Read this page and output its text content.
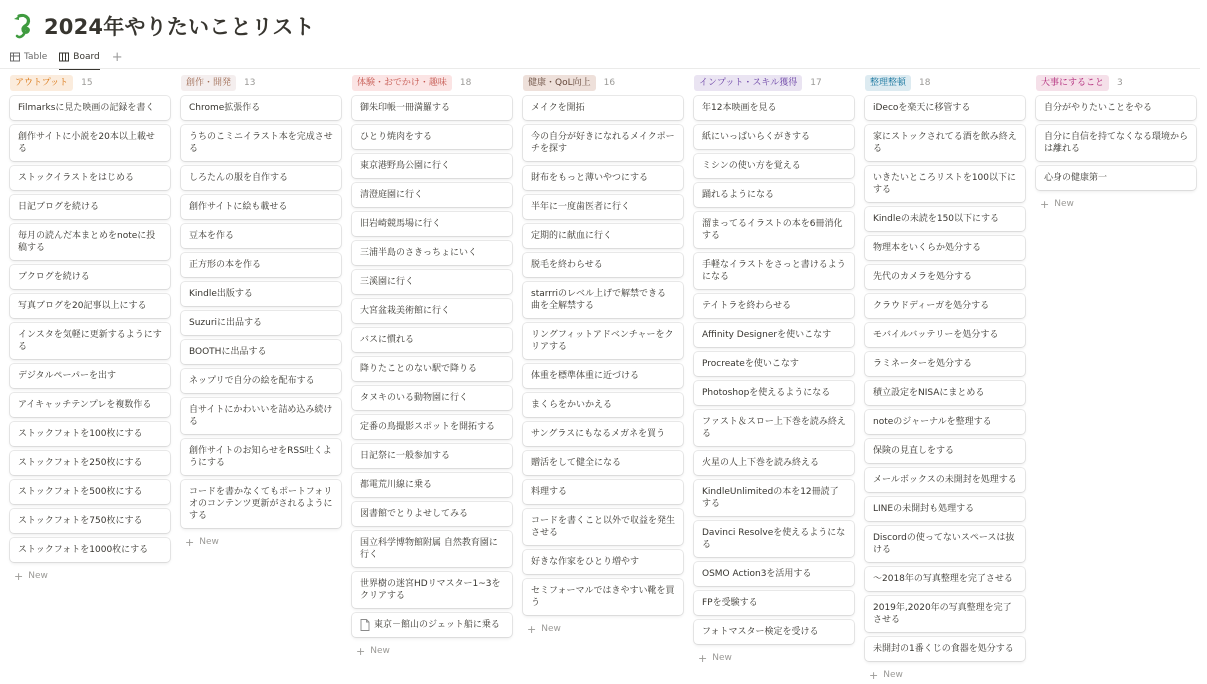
2024年やりたいことリスト
Table	Board +
アウトプット	15
Filmarksに見た映画の記録を書く
創作サイトに小説を20本以上載せる
ストックイラストをはじめる
日記ブログを続ける
毎月の読んだ本まとめをnoteに投稿する
ブクログを続ける
写真ブログを20記事以上にする
インスタを気軽に更新するようにする
デジタルペーパーを出す
アイキャッチテンプレを複数作る
ストックフォトを100枚にする
ストックフォトを250枚にする
ストックフォトを500枚にする
ストックフォトを750枚にする
ストックフォトを1000枚にする
+ New
創作・開発	13
Chrome拡張作る
うちのこミニイラスト本を完成させる
しろたんの服を自作する
創作サイトに絵も載せる
豆本を作る
正方形の本を作る
Kindle出版する
Suzuriに出品する
BOOTHに出品する
ネップリで自分の絵を配布する
自サイトにかわいいを詰め込み続ける
創作サイトのお知らせをRSS吐くようにする
コードを書かなくてもポートフォリオのコンテンツ更新がされるようにする
+ New
体験・おでかけ・趣味	18
御朱印帳一冊満羅する
ひとり焼肉をする
東京港野鳥公園に行く
清澄庭園に行く
旧岩崎競馬場に行く
三浦半島のさきっちょにいく
三溪園に行く
大宮盆栽美術館に行く
バスに慣れる
降りたことのない駅で降りる
タヌキのいる動物園に行く
定番の鳥撮影スポットを開拓する
日記祭に一般参加する
都電荒川線に乗る
図書館でとりよせしてみる
国立科学博物館附属 自然教育園に行く
世界樹の迷宮HDリマスター1~3をクリアする
東京－館山のジェット船に乗る
+ New
健康・QoL向上	16
メイクを開拓
今の自分が好きになれるメイクポーチを探す
財布をもっと薄いやつにする
半年に一度歯医者に行く
定期的に献血に行く
脱毛を終わらせる
starrriのレベル上げで解禁できる曲を全解禁する
リングフィットアドベンチャーをクリアする
体重を標準体重に近づける
まくらをかいかえる
サングラスにもなるメガネを買う
贈活をして健全になる
料理する
コードを書くこと以外で収益を発生させる
好きな作家をひとり増やす
セミフォーマルではきやすい靴を買う
+ New
インプット・スキル獲得	17
年12本映画を見る
紙にいっぱいらくがきする
ミシンの使い方を覚える
踊れるようになる
溜まってるイラストの本を6冊消化する
手軽なイラストをさっと書けるようになる
テイトラを終わらせる
Affinity Designerを使いこなす
Procreateを使いこなす
Photoshopを使えるようになる
ファスト＆スロー上下巻を読み終える
火星の人上下巻を読み終える
KindleUnlimitedの本を12冊読了する
Davinci Resolveを使えるようになる
OSMO Action3を活用する
FPを受験する
フォトマスター検定を受ける
+ New
整理整頓	18
iDecoを楽天に移管する
家にストックされてる酒を飲み終える
いきたいところリストを100以下にする
Kindleの未読を150以下にする
物理本をいくらか処分する
先代のカメラを処分する
クラウドディーガを処分する
モバイルバッテリーを処分する
ラミネーターを処分する
積立設定をNISAにまとめる
noteのジャーナルを整理する
保険の見直しをする
メールボックスの未開封を処理する
LINEの未開封も処理する
Discordの使ってないスペースは抜ける
～2018年の写真整理を完了させる
2019年,2020年の写真整理を完了させる
未開封の1番くじの食器を処分する
+ New
大事にすること	3
自分がやりたいことをやる
自分に自信を持てなくなる環境からは離れる
心身の健康第一
+ New
